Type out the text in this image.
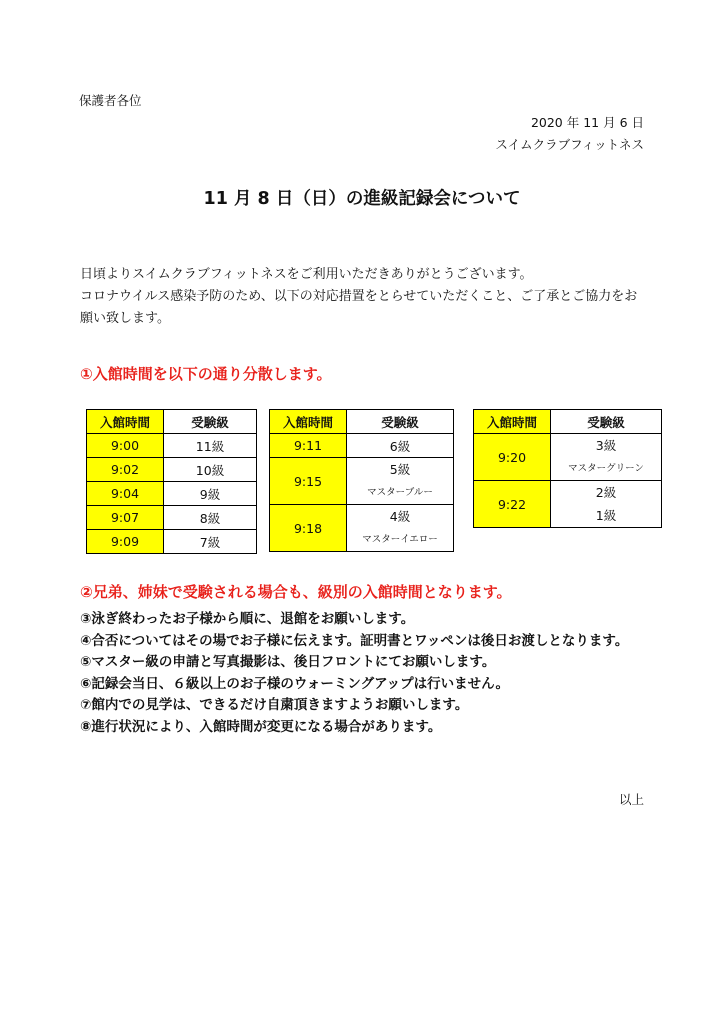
保護者各位
2020 年 11 月 6 日
スイムクラブフィットネス
11 月 8 日（日）の進級記録会について

日頃よりスイムクラブフィットネスをご利用いただきありがとうございます。

コロナウイルス感染予防のため、以下の対応措置をとらせていただくこと、ご了承とご協力をお願い致します。

①入館時間を以下の通り分散します。
入館時間	受験級
9:00	11級
9:02	10級
9:04	9級
9:07	8級
9:09	7級
入館時間	受験級
9:11	6級
9:15	5級
マスターブルー

9:18	4級
マスターイエロー
入館時間	受験級
9:20	3級
マスターグリーン

9:22	2級
1級
②兄弟、姉妹で受験される場合も、級別の入館時間となります。
③泳ぎ終わったお子様から順に、退館をお願いします。
④合否についてはその場でお子様に伝えます。証明書とワッペンは後日お渡しとなります。
⑤マスター級の申請と写真撮影は、後日フロントにてお願いします。
⑥記録会当日、６級以上のお子様のウォーミングアップは行いません。
⑦館内での見学は、できるだけ自粛頂きますようお願いします。
⑧進行状況により、入館時間が変更になる場合があります。
以上
